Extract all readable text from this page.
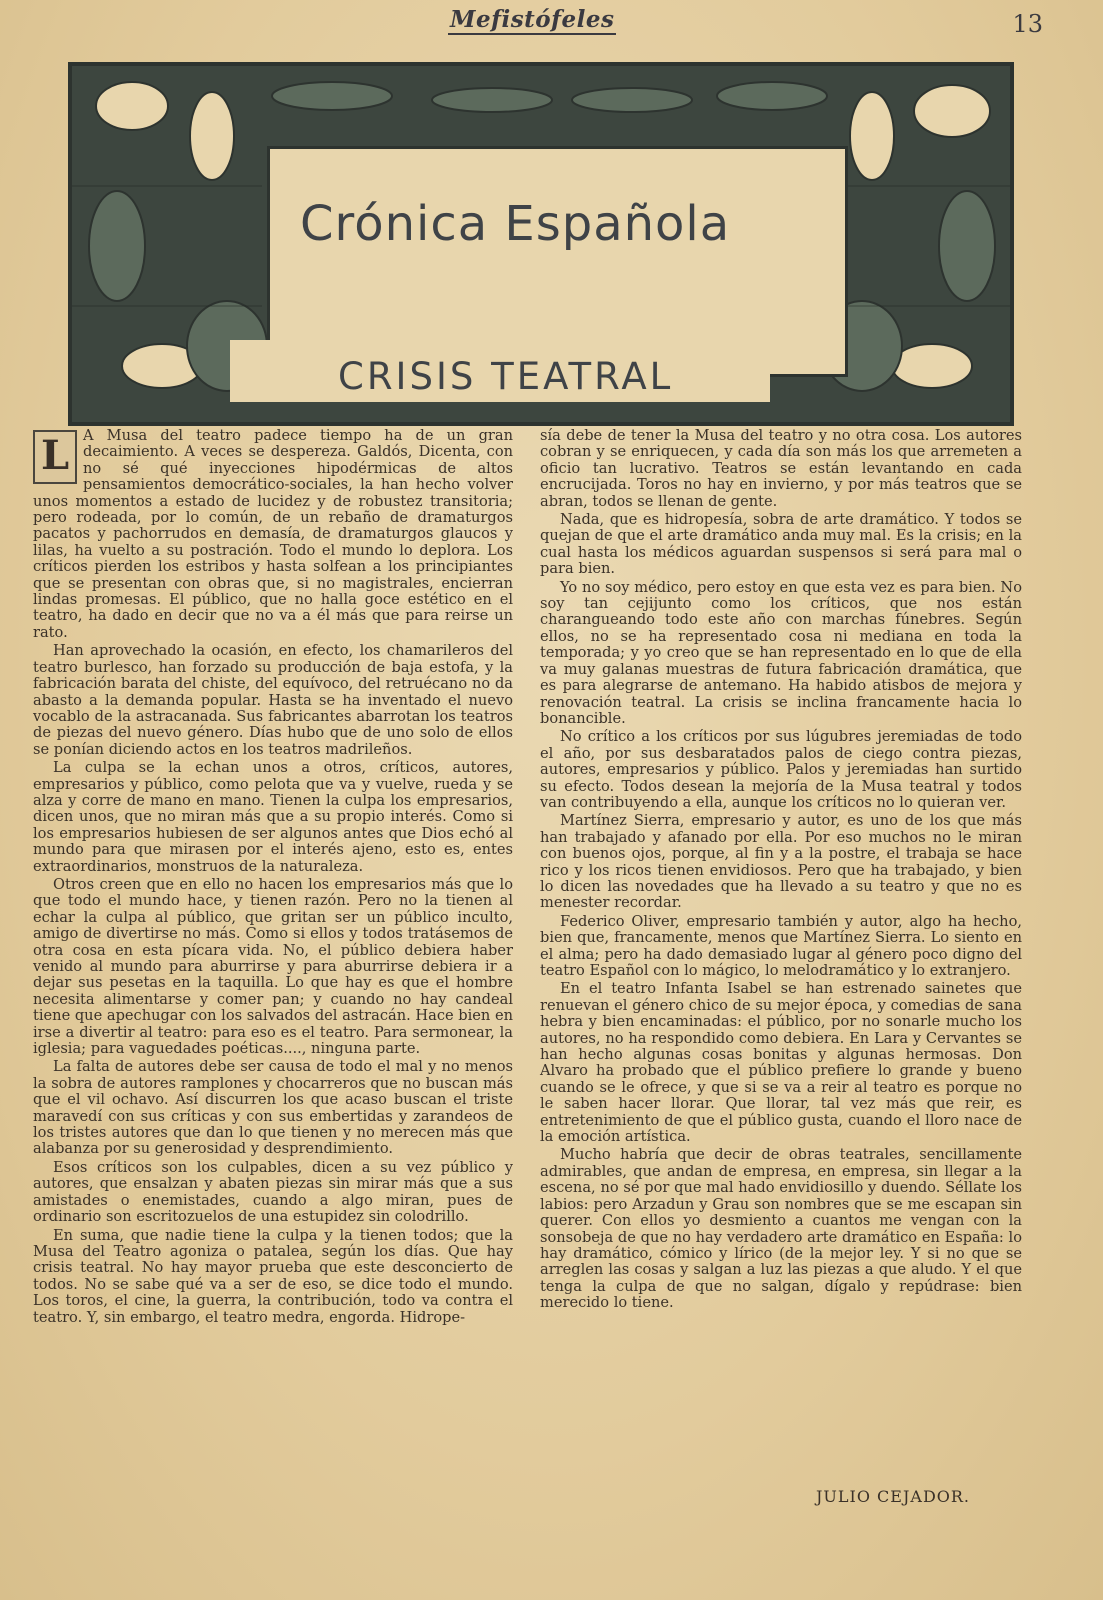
Mefistófeles	13
Crónica Española
CRISIS TEATRAL

L A Musa del teatro padece tiempo ha de un gran decaimiento. A veces se despereza. Galdós, Dicenta, con no sé qué inyecciones hipodérmicas de altos pensamientos democrático-sociales, la han hecho volver unos momentos a estado de lucidez y de robustez transitoria; pero rodeada, por lo común, de un rebaño de dramaturgos pacatos y pachorrudos en demasía, de dramaturgos glaucos y lilas, ha vuelto a su postración. Todo el mundo lo deplora. Los críticos pierden los estribos y hasta solfean a los principiantes que se presentan con obras que, si no magistrales, encierran lindas promesas. El público, que no halla goce estético en el teatro, ha dado en decir que no va a él más que para reirse un rato.

Han aprovechado la ocasión, en efecto, los chamarileros del teatro burlesco, han forzado su producción de baja estofa, y la fabricación barata del chiste, del equívoco, del retruécano no da abasto a la demanda popular. Hasta se ha inventado el nuevo vocablo de la astracanada. Sus fabricantes abarrotan los teatros de piezas del nuevo género. Días hubo que de uno solo de ellos se ponían diciendo actos en los teatros madrileños.

La culpa se la echan unos a otros, críticos, autores, empresarios y público, como pelota que va y vuelve, rueda y se alza y corre de mano en mano. Tienen la culpa los empresarios, dicen unos, que no miran más que a su propio interés. Como si los empresarios hubiesen de ser algunos antes que Dios echó al mundo para que mirasen por el interés ajeno, esto es, entes extraordinarios, monstruos de la naturaleza.

Otros creen que en ello no hacen los empresarios más que lo que todo el mundo hace, y tienen razón. Pero no la tienen al echar la culpa al público, que gritan ser un público inculto, amigo de divertirse no más. Como si ellos y todos tratásemos de otra cosa en esta pícara vida. No, el público debiera haber venido al mundo para aburrirse y para aburrirse debiera ir a dejar sus pesetas en la taquilla. Lo que hay es que el hombre necesita alimentarse y comer pan; y cuando no hay candeal tiene que apechugar con los salvados del astracán. Hace bien en irse a divertir al teatro: para eso es el teatro. Para sermonear, la iglesia; para vaguedades poéticas...., ninguna parte.

La falta de autores debe ser causa de todo el mal y no menos la sobra de autores ramplones y chocarreros que no buscan más que el vil ochavo. Así discurren los que acaso buscan el triste maravedí con sus críticas y con sus embertidas y zarandeos de los tristes autores que dan lo que tienen y no merecen más que alabanza por su generosidad y desprendimiento.

Esos críticos son los culpables, dicen a su vez público y autores, que ensalzan y abaten piezas sin mirar más que a sus amistades o enemistades, cuando a algo miran, pues de ordinario son escritozuelos de una estupidez sin colodrillo.

En suma, que nadie tiene la culpa y la tienen todos; que la Musa del Teatro agoniza o patalea, según los días. Que hay crisis teatral. No hay mayor prueba que este desconcierto de todos. No se sabe qué va a ser de eso, se dice todo el mundo. Los toros, el cine, la guerra, la contribución, todo va contra el teatro. Y, sin embargo, el teatro medra, engorda. Hidrope-

sía debe de tener la Musa del teatro y no otra cosa. Los autores cobran y se enriquecen, y cada día son más los que arremeten a oficio tan lucrativo. Teatros se están levantando en cada encrucijada. Toros no hay en invierno, y por más teatros que se abran, todos se llenan de gente.

Nada, que es hidropesía, sobra de arte dramático. Y todos se quejan de que el arte dramático anda muy mal. Es la crisis; en la cual hasta los médicos aguardan suspensos si será para mal o para bien.

Yo no soy médico, pero estoy en que esta vez es para bien. No soy tan cejijunto como los críticos, que nos están charangueando todo este año con marchas fúnebres. Según ellos, no se ha representado cosa ni mediana en toda la temporada; y yo creo que se han representado en lo que de ella va muy galanas muestras de futura fabricación dramática, que es para alegrarse de antemano. Ha habido atisbos de mejora y renovación teatral. La crisis se inclina francamente hacia lo bonancible.

No crítico a los críticos por sus lúgubres jeremiadas de todo el año, por sus desbaratados palos de ciego contra piezas, autores, empresarios y público. Palos y jeremiadas han surtido su efecto. Todos desean la mejoría de la Musa teatral y todos van contribuyendo a ella, aunque los críticos no lo quieran ver.

Martínez Sierra, empresario y autor, es uno de los que más han trabajado y afanado por ella. Por eso muchos no le miran con buenos ojos, porque, al fin y a la postre, el trabaja se hace rico y los ricos tienen envidiosos. Pero que ha trabajado, y bien lo dicen las novedades que ha llevado a su teatro y que no es menester recordar.

Federico Oliver, empresario también y autor, algo ha hecho, bien que, francamente, menos que Martínez Sierra. Lo siento en el alma; pero ha dado demasiado lugar al género poco digno del teatro Español con lo mágico, lo melodramático y lo extranjero.

En el teatro Infanta Isabel se han estrenado sainetes que renuevan el género chico de su mejor época, y comedias de sana hebra y bien encaminadas: el público, por no sonarle mucho los autores, no ha respondido como debiera. En Lara y Cervantes se han hecho algunas cosas bonitas y algunas hermosas. Don Alvaro ha probado que el público prefiere lo grande y bueno cuando se le ofrece, y que si se va a reir al teatro es porque no le saben hacer llorar. Que llorar, tal vez más que reir, es entretenimiento de que el público gusta, cuando el lloro nace de la emoción artística.

Mucho habría que decir de obras teatrales, sencillamente admirables, que andan de empresa, en empresa, sin llegar a la escena, no sé por que mal hado envidiosillo y duendo. Séllate los labios: pero Arzadun y Grau son nombres que se me escapan sin querer. Con ellos yo desmiento a cuantos me vengan con la sonsobeja de que no hay verdadero arte dramático en España: lo hay dramático, cómico y lírico (de la mejor ley. Y si no que se arreglen las cosas y salgan a luz las piezas a que aludo. Y el que tenga la culpa de que no salgan, dígalo y repúdrase: bien merecido lo tiene.

JULIO CEJADOR.
